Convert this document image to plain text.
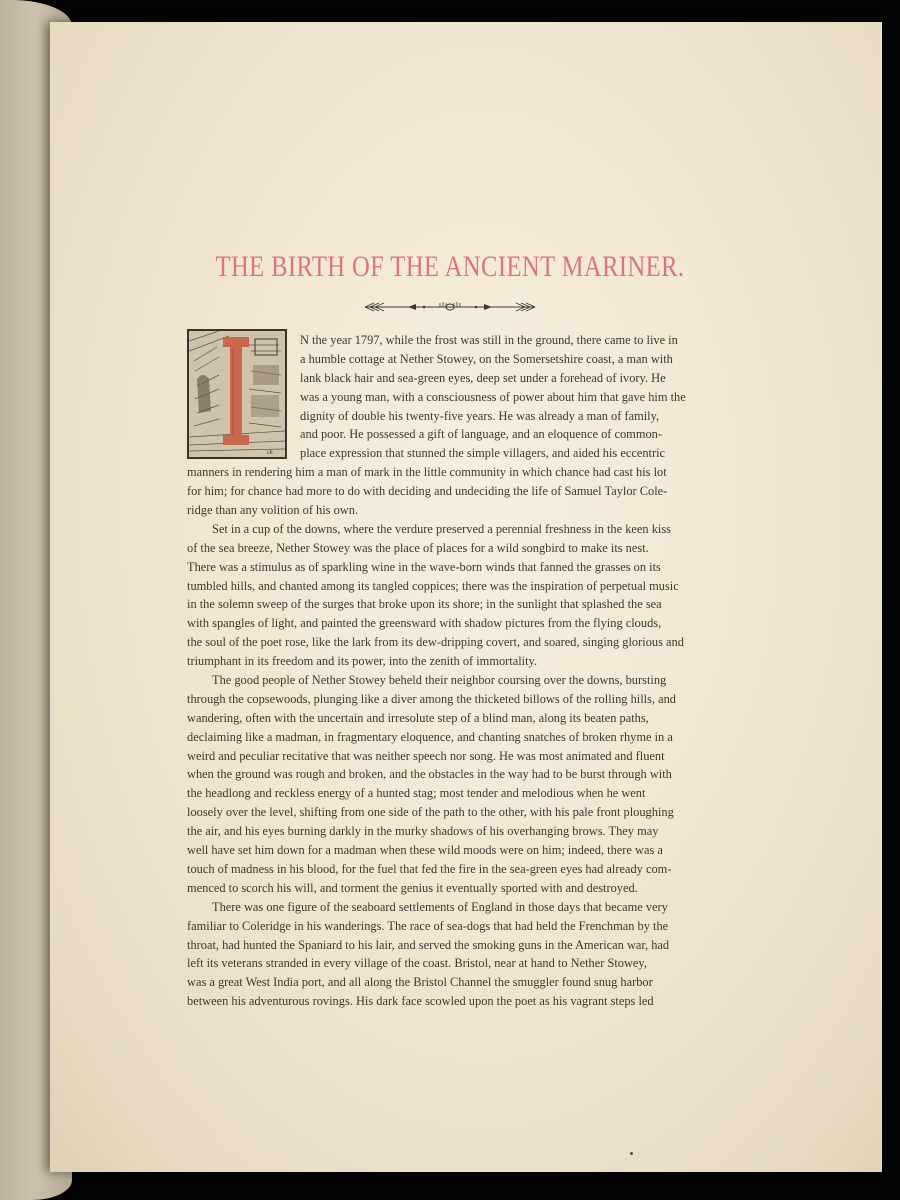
THE BIRTH OF THE ANCIENT MARINER.
ch
N the year 1797, while the frost was still in the ground, there came to live in
a humble cottage at Nether Stowey, on the Somersetshire coast, a man with
lank black hair and sea-green eyes, deep set under a forehead of ivory. He
was a young man, with a consciousness of power about him that gave him the
dignity of double his twenty-five years. He was already a man of family,
and poor. He possessed a gift of language, and an eloquence of common-
place expression that stunned the simple villagers, and aided his eccentric
manners in rendering him a man of mark in the little community in which chance had cast his lot
for him; for chance had more to do with deciding and undeciding the life of Samuel Taylor Cole-
ridge than any volition of his own.
Set in a cup of the downs, where the verdure preserved a perennial freshness in the keen kiss
of the sea breeze, Nether Stowey was the place of places for a wild songbird to make its nest.
There was a stimulus as of sparkling wine in the wave-born winds that fanned the grasses on its
tumbled hills, and chanted among its tangled coppices; there was the inspiration of perpetual music
in the solemn sweep of the surges that broke upon its shore; in the sunlight that splashed the sea
with spangles of light, and painted the greensward with shadow pictures from the flying clouds,
the soul of the poet rose, like the lark from its dew-dripping covert, and soared, singing glorious and
triumphant in its freedom and its power, into the zenith of immortality.
The good people of Nether Stowey beheld their neighbor coursing over the downs, bursting
through the copsewoods, plunging like a diver among the thicketed billows of the rolling hills, and
wandering, often with the uncertain and irresolute step of a blind man, along its beaten paths,
declaiming like a madman, in fragmentary eloquence, and chanting snatches of broken rhyme in a
weird and peculiar recitative that was neither speech nor song. He was most animated and fluent
when the ground was rough and broken, and the obstacles in the way had to be burst through with
the headlong and reckless energy of a hunted stag; most tender and melodious when he went
loosely over the level, shifting from one side of the path to the other, with his pale front ploughing
the air, and his eyes burning darkly in the murky shadows of his overhanging brows. They may
well have set him down for a madman when these wild moods were on him; indeed, there was a
touch of madness in his blood, for the fuel that fed the fire in the sea-green eyes had already com-
menced to scorch his will, and torment the genius it eventually sported with and destroyed.
There was one figure of the seaboard settlements of England in those days that became very
familiar to Coleridge in his wanderings. The race of sea-dogs that had held the Frenchman by the
throat, had hunted the Spaniard to his lair, and served the smoking guns in the American war, had
left its veterans stranded in every village of the coast. Bristol, near at hand to Nether Stowey,
was a great West India port, and all along the Bristol Channel the smuggler found snug harbor
between his adventurous rovings. His dark face scowled upon the poet as his vagrant steps led
